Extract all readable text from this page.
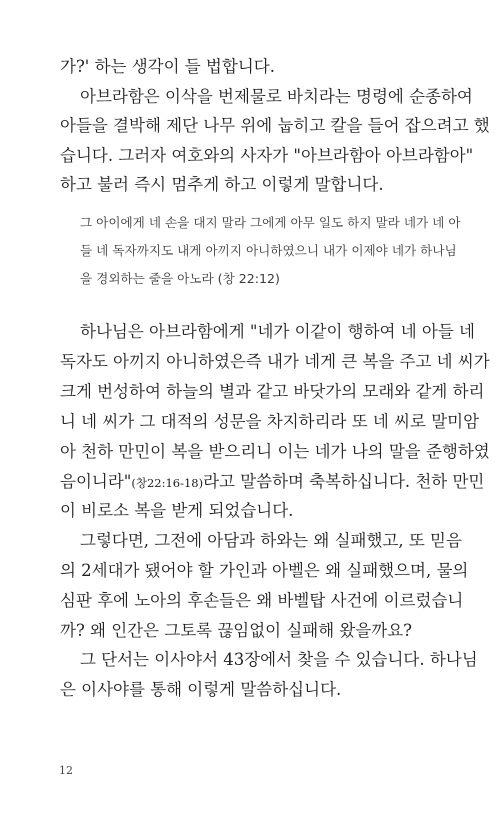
가?' 하는 생각이 들 법합니다.
아브라함은 이삭을 번제물로 바치라는 명령에 순종하여
아들을 결박해 제단 나무 위에 눕히고 칼을 들어 잡으려고 했
습니다. 그러자 여호와의 사자가 "아브라함아 아브라함아"
하고 불러 즉시 멈추게 하고 이렇게 말합니다.
그 아이에게 네 손을 대지 말라 그에게 아무 일도 하지 말라 네가 네 아
들 네 독자까지도 내게 아끼지 아니하였으니 내가 이제야 네가 하나님
을 경외하는 줄을 아노라 (창 22:12)
하나님은 아브라함에게 "네가 이같이 행하여 네 아들 네
독자도 아끼지 아니하였은즉 내가 네게 큰 복을 주고 네 씨가
크게 번성하여 하늘의 별과 같고 바닷가의 모래와 같게 하리
니 네 씨가 그 대적의 성문을 차지하리라 또 네 씨로 말미암
아 천하 만민이 복을 받으리니 이는 네가 나의 말을 준행하였
음이니라"(창22:16-18)라고 말씀하며 축복하십니다. 천하 만민
이 비로소 복을 받게 되었습니다.
그렇다면, 그전에 아담과 하와는 왜 실패했고, 또 믿음
의 2세대가 됐어야 할 가인과 아벨은 왜 실패했으며, 물의
심판 후에 노아의 후손들은 왜 바벨탑 사건에 이르렀습니
까? 왜 인간은 그토록 끊임없이 실패해 왔을까요?
그 단서는 이사야서 43장에서 찾을 수 있습니다. 하나님
은 이사야를 통해 이렇게 말씀하십니다.
12
